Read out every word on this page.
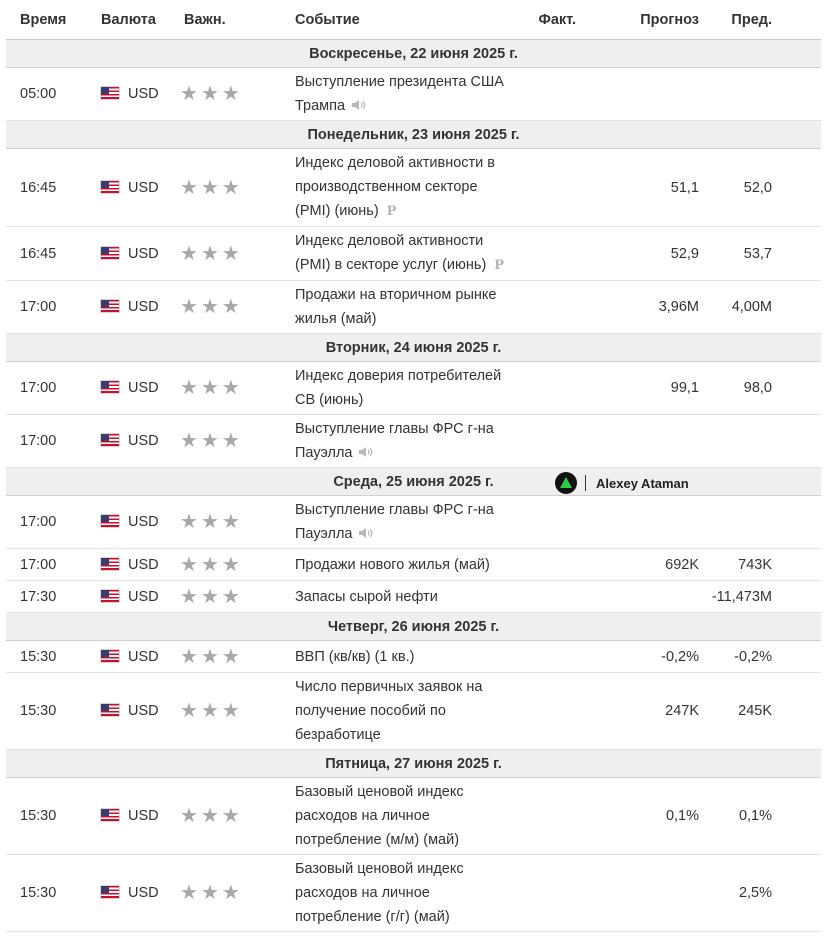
Время	Валюта	Важн.	Событие	Факт.	Прогноз	Пред.
Воскресенье, 22 июня 2025 г.						
05:00	USD	★ ★ ★	Выступление президента США Трампа			
Понедельник, 23 июня 2025 г.						
16:45	USD	★ ★ ★	Индекс деловой активности в производственном секторе (PMI) (июнь) P		51,1	52,0
16:45	USD	★ ★ ★	Индекс деловой активности (PMI) в секторе услуг (июнь) P		52,9	53,7
17:00	USD	★ ★ ★	Продажи на вторичном рынке жилья (май)		3,96M	4,00M
Вторник, 24 июня 2025 г.						
17:00	USD	★ ★ ★	Индекс доверия потребителей CB (июнь)		99,1	98,0
17:00	USD	★ ★ ★	Выступление главы ФРС г-на Пауэлла			
Среда, 25 июня 2025 г. Alexey Ataman						

17:00	USD	★ ★ ★	Выступление главы ФРС г-на Пауэлла			
17:00	USD	★ ★ ★	Продажи нового жилья (май)		692K	743K
17:30	USD	★ ★ ★	Запасы сырой нефти			-11,473M
Четверг, 26 июня 2025 г.						
15:30	USD	★ ★ ★	ВВП (кв/кв) (1 кв.)		-0,2%	-0,2%
15:30	USD	★ ★ ★	Число первичных заявок на получение пособий по безработице		247K	245K
Пятница, 27 июня 2025 г.						
15:30	USD	★ ★ ★	Базовый ценовой индекс расходов на личное потребление (м/м) (май)		0,1%	0,1%
15:30	USD	★ ★ ★	Базовый ценовой индекс расходов на личное потребление (г/г) (май)			2,5%
